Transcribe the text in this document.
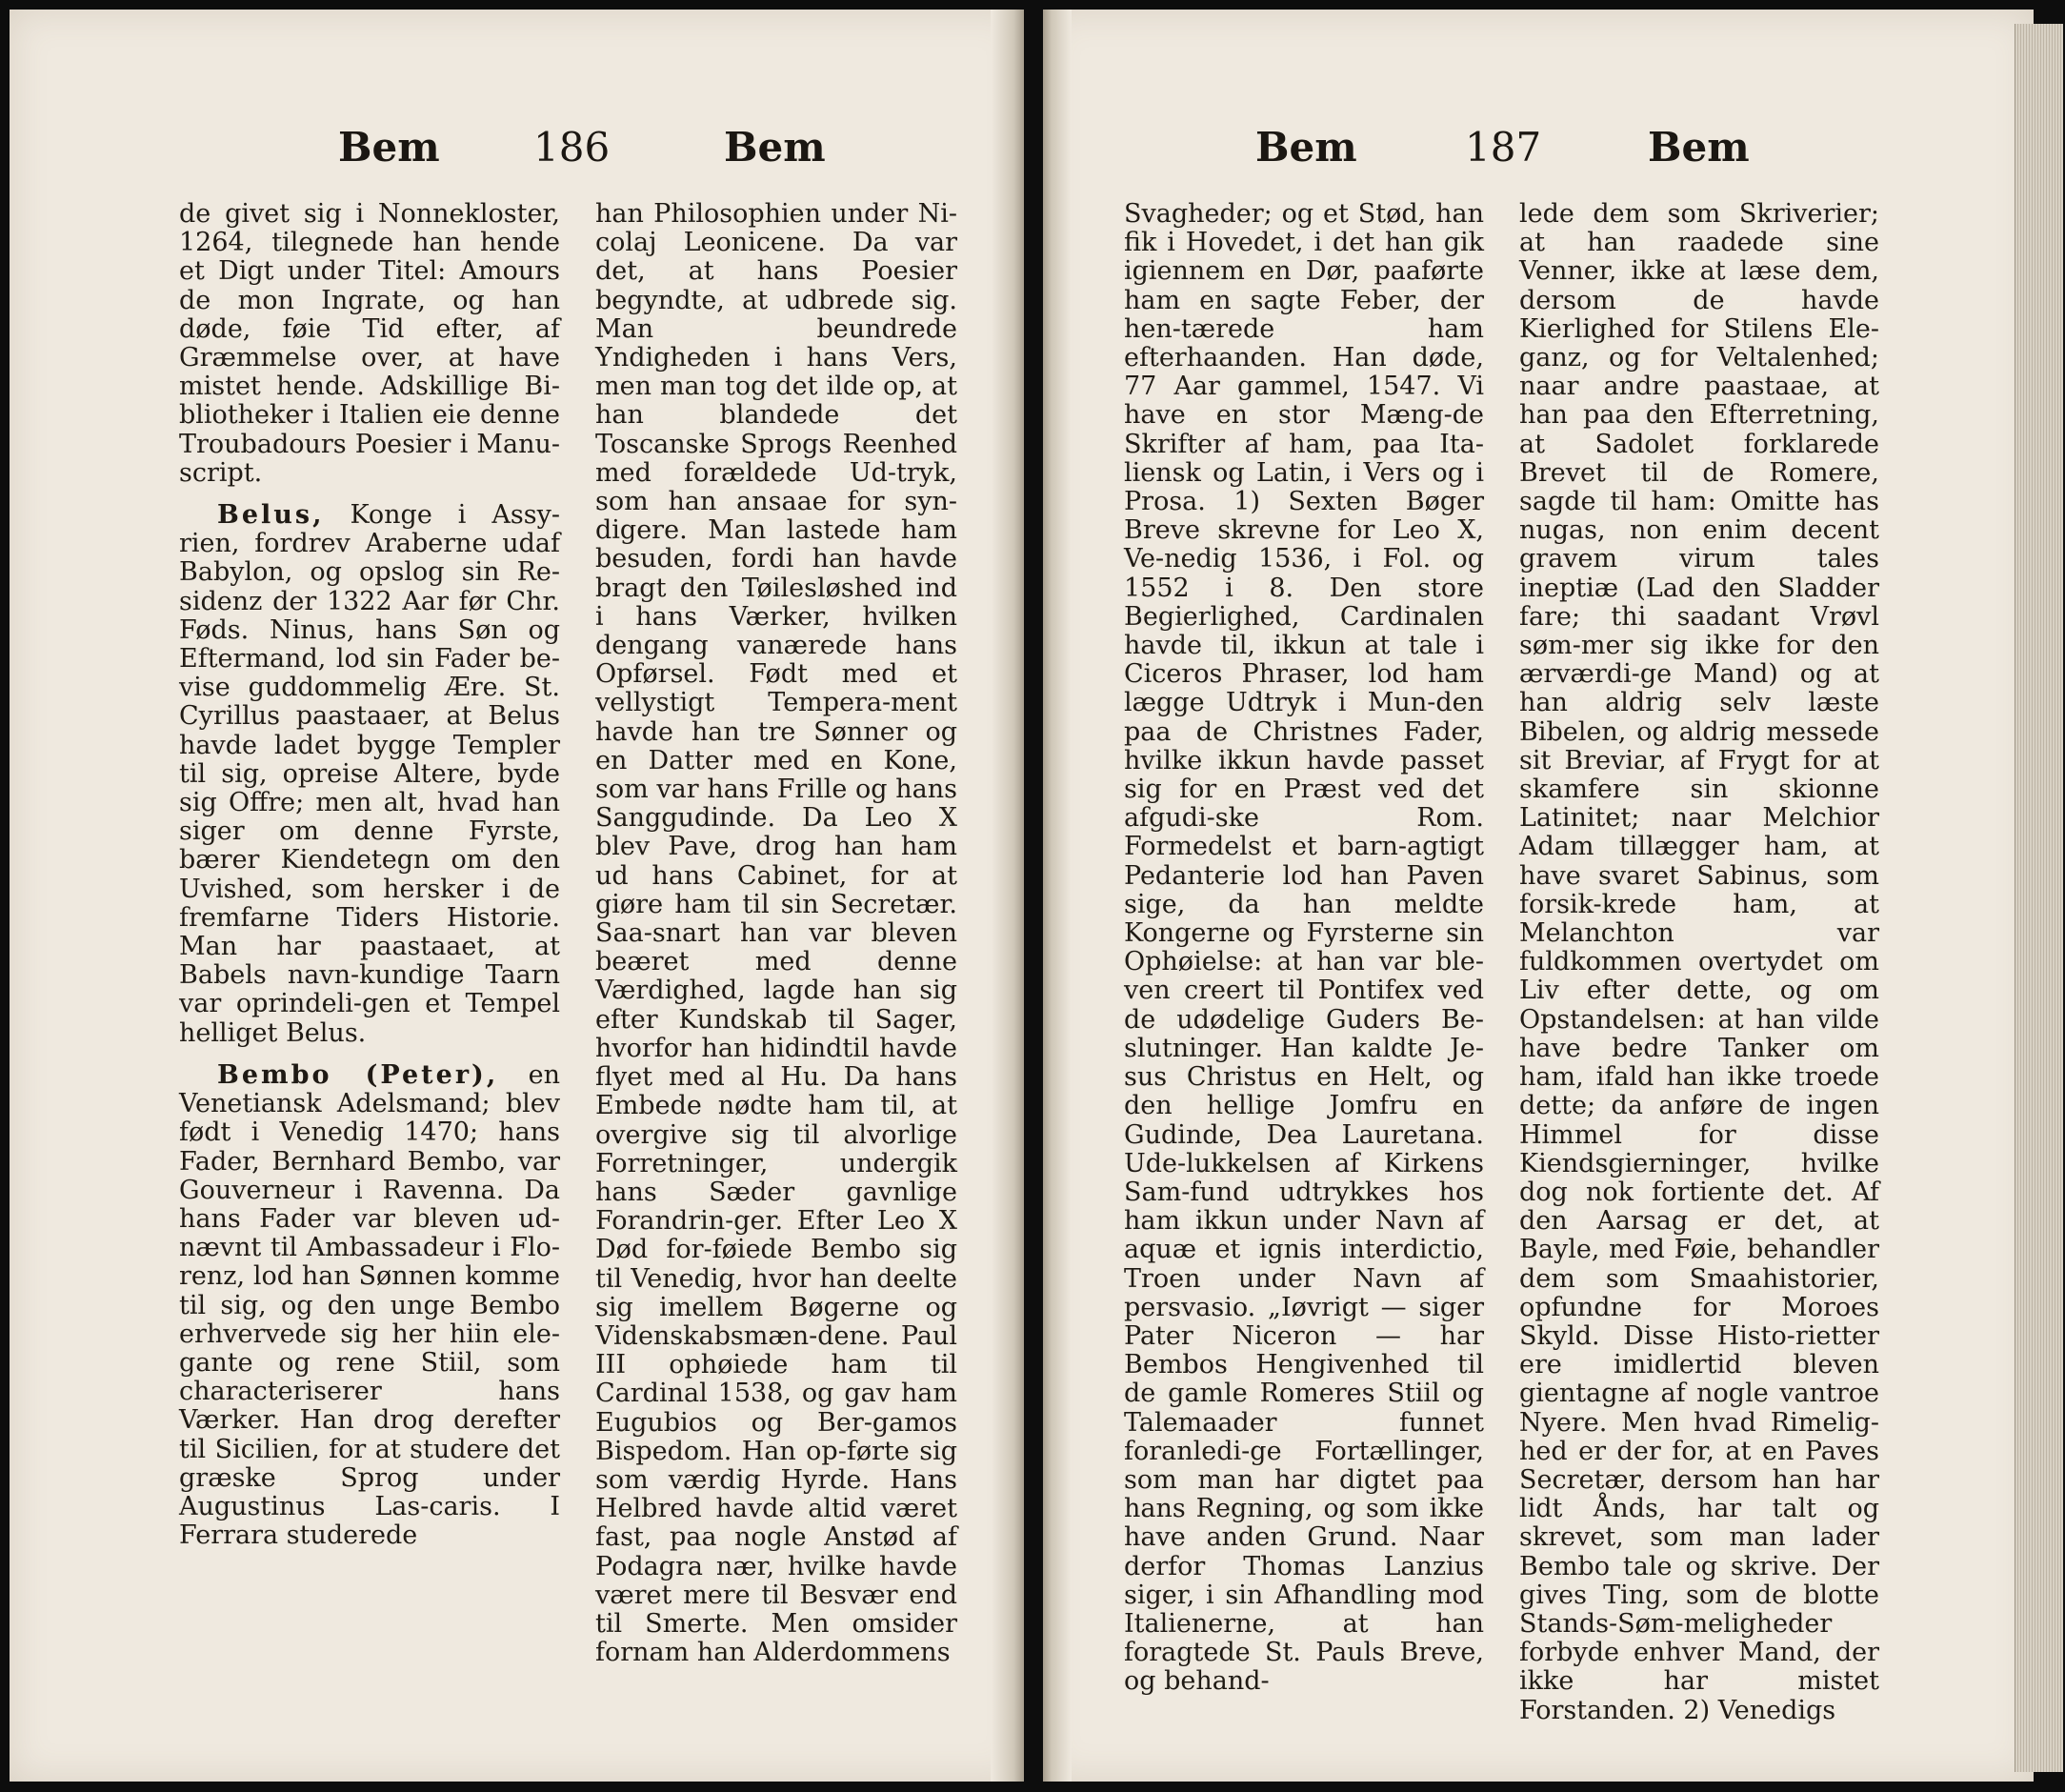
Bem 186	Bem	Bem	187	Bem

de givet sig i Nonnekloster, 1264, tilegnede han hende et Digt under Titel: Amours de mon Ingrate, og han døde, føie Tid efter, af Græmmelse over, at have mistet hende. Adskillige Bi-bliotheker i Italien eie denne Troubadours Poesier i Manu-script.

Belus, Konge i Assy-rien, fordrev Araberne udaf Babylon, og opslog sin Re-sidenz der 1322 Aar før Chr. Føds. Ninus, hans Søn og Eftermand, lod sin Fader be-vise guddommelig Ære. St. Cyrillus paastaaer, at Belus havde ladet bygge Templer til sig, opreise Altere, byde sig Offre; men alt, hvad han siger om denne Fyrste, bærer Kiendetegn om den Uvished, som hersker i de fremfarne Tiders Historie. Man har paastaaet, at Babels navn-kundige Taarn var oprindeli-gen et Tempel helliget Belus.

Bembo (Peter), en Venetiansk Adelsmand; blev født i Venedig 1470; hans Fader, Bernhard Bembo, var Gouverneur i Ravenna. Da hans Fader var bleven ud-nævnt til Ambassadeur i Flo-renz, lod han Sønnen komme til sig, og den unge Bembo erhvervede sig her hiin ele-gante og rene Stiil, som characteriserer hans Værker. Han drog derefter til Sicilien, for at studere det græske Sprog under Augustinus Las-caris. I Ferrara studerede

han Philosophien under Ni-colaj Leonicene. Da var det, at hans Poesier begyndte, at udbrede sig. Man beundrede Yndigheden i hans Vers, men man tog det ilde op, at han blandede det Toscanske Sprogs Reenhed med forældede Ud-tryk, som han ansaae for syn-digere. Man lastede ham besuden, fordi han havde bragt den Tøilesløshed ind i hans Værker, hvilken dengang vanærede hans Opførsel. Født med et vellystigt Tempera-ment havde han tre Sønner og en Datter med en Kone, som var hans Frille og hans Sanggudinde. Da Leo X blev Pave, drog han ham ud hans Cabinet, for at giøre ham til sin Secretær. Saa-snart han var bleven beæret med denne Værdighed, lagde han sig efter Kundskab til Sager, hvorfor han hidindtil havde flyet med al Hu. Da hans Embede nødte ham til, at overgive sig til alvorlige Forretninger, undergik hans Sæder gavnlige Forandrin-ger. Efter Leo X Død for-føiede Bembo sig til Venedig, hvor han deelte sig imellem Bøgerne og Videnskabsmæn-dene. Paul III ophøiede ham til Cardinal 1538, og gav ham Eugubios og Ber-gamos Bispedom. Han op-førte sig som værdig Hyrde. Hans Helbred havde altid været fast, paa nogle Anstød af Podagra nær, hvilke havde været mere til Besvær end til Smerte. Men omsider fornam han Alderdommens

Svagheder; og et Stød, han fik i Hovedet, i det han gik igiennem en Dør, paaførte ham en sagte Feber, der hen-tærede ham efterhaanden. Han døde, 77 Aar gammel, 1547. Vi have en stor Mæng-de Skrifter af ham, paa Ita-liensk og Latin, i Vers og i Prosa. 1) Sexten Bøger Breve skrevne for Leo X, Ve-nedig 1536, i Fol. og 1552 i 8. Den store Begierlighed, Cardinalen havde til, ikkun at tale i Ciceros Phraser, lod ham lægge Udtryk i Mun-den paa de Christnes Fader, hvilke ikkun havde passet sig for en Præst ved det afgudi-ske Rom. Formedelst et barn-agtigt Pedanterie lod han Paven sige, da han meldte Kongerne og Fyrsterne sin Ophøielse: at han var ble-ven creert til Pontifex ved de udødelige Guders Be-slutninger. Han kaldte Je-sus Christus en Helt, og den hellige Jomfru en Gudinde, Dea Lauretana. Ude-lukkelsen af Kirkens Sam-fund udtrykkes hos ham ikkun under Navn af aquæ et ignis interdictio, Troen under Navn af persvasio. „Iøvrigt — siger Pater Niceron — har Bembos Hengivenhed til de gamle Romeres Stiil og Talemaader funnet foranledi-ge Fortællinger, som man har digtet paa hans Regning, og som ikke have anden Grund. Naar derfor Thomas Lanzius siger, i sin Afhandling mod Italienerne, at han foragtede St. Pauls Breve, og behand-

lede dem som Skriverier; at han raadede sine Venner, ikke at læse dem, dersom de havde Kierlighed for Stilens Ele-ganz, og for Veltalenhed; naar andre paastaae, at han paa den Efterretning, at Sadolet forklarede Brevet til de Romere, sagde til ham: Omitte has nugas, non enim decent gravem virum tales ineptiæ (Lad den Sladder fare; thi saadant Vrøvl søm-mer sig ikke for den ærværdi-ge Mand) og at han aldrig selv læste Bibelen, og aldrig messede sit Breviar, af Frygt for at skamfere sin skionne Latinitet; naar Melchior Adam tillægger ham, at have svaret Sabinus, som forsik-krede ham, at Melanchton var fuldkommen overtydet om Liv efter dette, og om Opstandelsen: at han vilde have bedre Tanker om ham, ifald han ikke troede dette; da anføre de ingen Himmel for disse Kiendsgierninger, hvilke dog nok fortiente det. Af den Aarsag er det, at Bayle, med Føie, behandler dem som Smaahistorier, opfundne for Moroes Skyld. Disse Histo-rietter ere imidlertid bleven gientagne af nogle vantroe Nyere. Men hvad Rimelig-hed er der for, at en Paves Secretær, dersom han har lidt Ånds, har talt og skrevet, som man lader Bembo tale og skrive. Der gives Ting, som de blotte Stands-Søm-meligheder forbyde enhver Mand, der ikke har mistet Forstanden. 2) Venedigs
